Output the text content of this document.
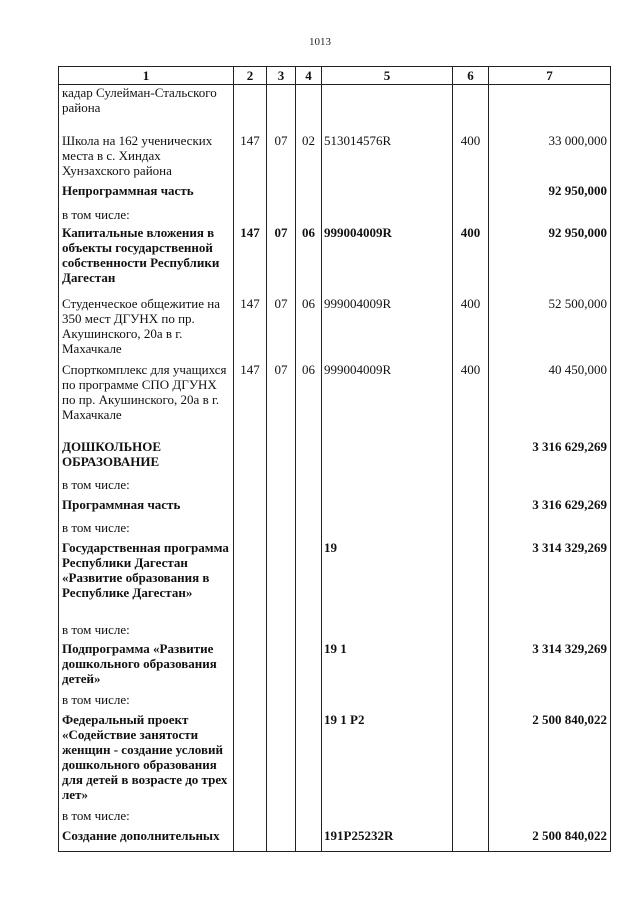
1013
1	2	3	4	5	6	7
кадар Сулейман-Стальского района						
Школа на 162 ученических места в с. Хиндах Хунзахского района	147	07	02	513014576R	400	33 000,000
Непрограммная часть						92 950,000
в том числе:						
Капитальные вложения в объекты государственной собственности Республики Дагестан	147	07	06	999004009R	400	92 950,000
Студенческое общежитие на 350 мест ДГУНХ по пр. Акушинского, 20а в г. Махачкале	147	07	06	999004009R	400	52 500,000
Спорткомплекс для учащихся по программе СПО ДГУНХ по пр. Акушинского, 20а в г. Махачкале	147	07	06	999004009R	400	40 450,000
ДОШКОЛЬНОЕ ОБРАЗОВАНИЕ						3 316 629,269
в том числе:						
Программная часть						3 316 629,269
в том числе:						
Государственная программа Республики Дагестан «Развитие образования в Республике Дагестан»				19		3 314 329,269
в том числе:						
Подпрограмма «Развитие дошкольного образования детей»				19 1		3 314 329,269
в том числе:						
Федеральный проект «Содействие занятости женщин - создание условий дошкольного образования для детей в возрасте до трех лет»				19 1 P2		2 500 840,022
в том числе:						
Создание дополнительных				191P25232R		2 500 840,022
